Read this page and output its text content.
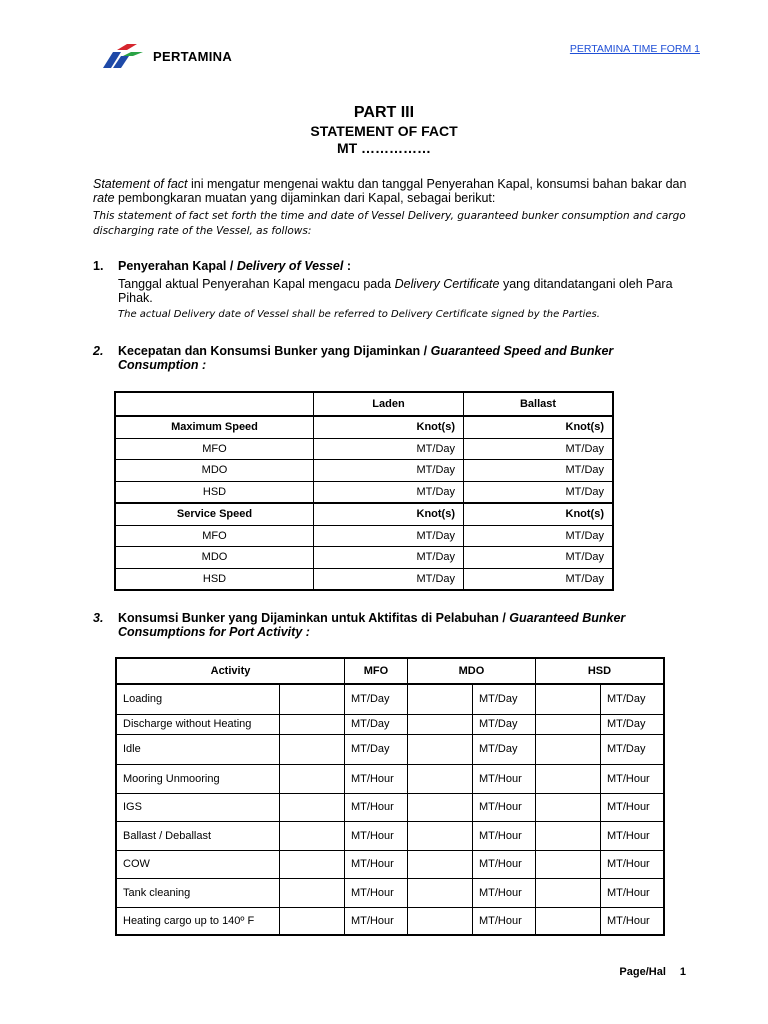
PERTAMINA	PERTAMINA TIME FORM 1
PART III
STATEMENT OF FACT
MT ……………
Statement of fact ini mengatur mengenai waktu dan tanggal Penyerahan Kapal, konsumsi bahan bakar dan rate pembongkaran muatan yang dijaminkan dari Kapal, sebagai berikut:
This statement of fact set forth the time and date of Vessel Delivery, guaranteed bunker consumption and cargo discharging rate of the Vessel, as follows:
1. Penyerahan Kapal / Delivery of Vessel :
Tanggal aktual Penyerahan Kapal mengacu pada Delivery Certificate yang ditandatangani oleh Para Pihak.
The actual Delivery date of Vessel shall be referred to Delivery Certificate signed by the Parties.
2. Kecepatan dan Konsumsi Bunker yang Dijaminkan / Guaranteed Speed and Bunker Consumption :
	Laden	Ballast
Maximum Speed	Knot(s)	Knot(s)
MFO	MT/Day	MT/Day
MDO	MT/Day	MT/Day
HSD	MT/Day	MT/Day
Service Speed	Knot(s)	Knot(s)
MFO	MT/Day	MT/Day
MDO	MT/Day	MT/Day
HSD	MT/Day	MT/Day
3. Konsumsi Bunker yang Dijaminkan untuk Aktifitas di Pelabuhan / Guaranteed Bunker Consumptions for Port Activity :
Activity		MFO	MDO		HSD	
Loading		MT/Day		MT/Day		MT/Day
Discharge without Heating		MT/Day		MT/Day		MT/Day
Idle		MT/Day		MT/Day		MT/Day
Mooring Unmooring		MT/Hour		MT/Hour		MT/Hour
IGS		MT/Hour		MT/Hour		MT/Hour
Ballast / Deballast		MT/Hour		MT/Hour		MT/Hour
COW		MT/Hour		MT/Hour		MT/Hour
Tank cleaning		MT/Hour		MT/Hour		MT/Hour
Heating cargo up to 140º F		MT/Hour		MT/Hour		MT/Hour
Page/Hal 1
